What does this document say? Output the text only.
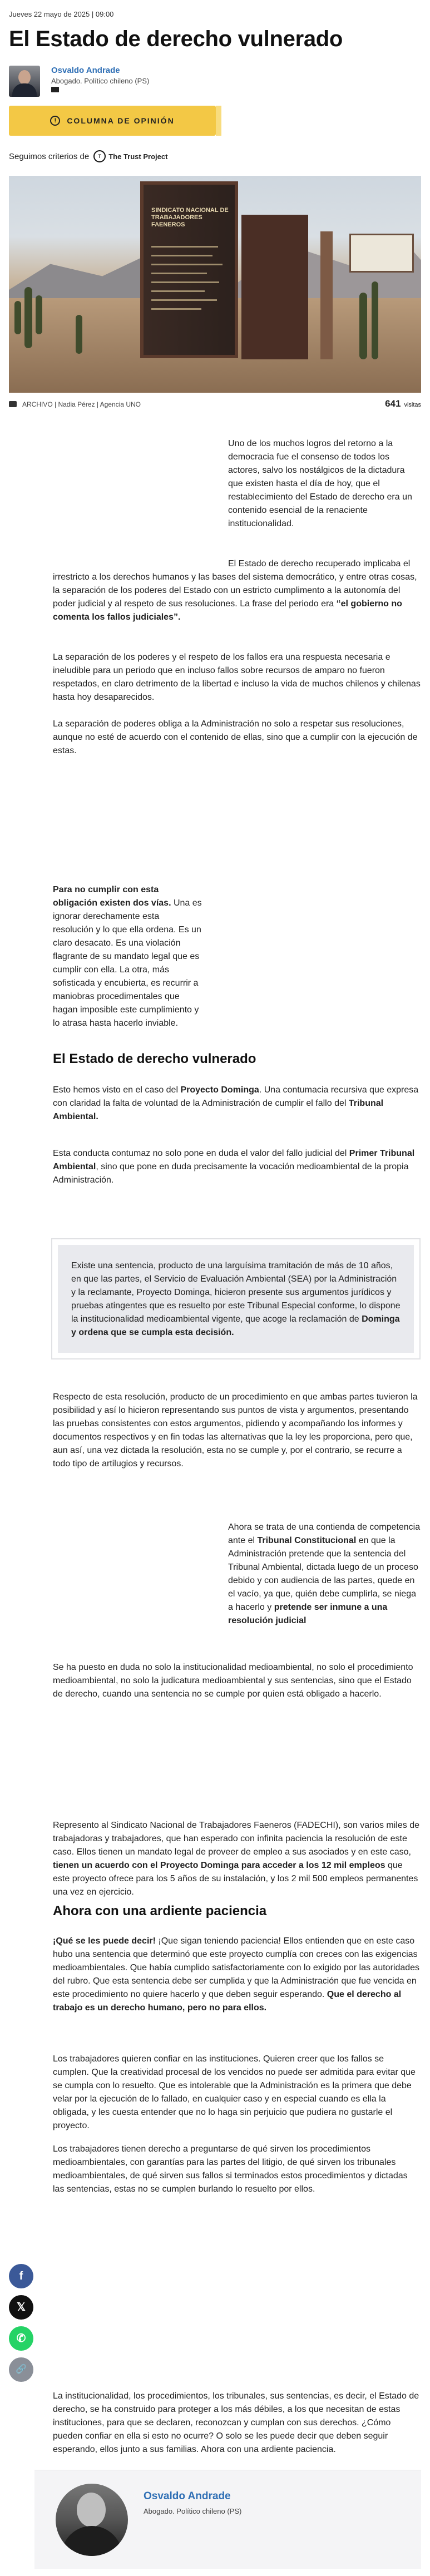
Jueves 22 mayo de 2025 | 09:00
El Estado de derecho vulnerado
Osvaldo Andrade
Abogado. Político chileno (PS)
!	COLUMNA DE OPINIÓN
Seguimos criterios de	T	The Trust Project
SINDICATO NACIONAL DE TRABAJADORES FAENEROS
ARCHIVO | Nadia Pérez | Agencia UNO	641 visitas

Uno de los muchos logros del retorno a la democracia fue el consenso de todos los actores, salvo los nostálgicos de la dictadura que existen hasta el día de hoy, que el restablecimiento del Estado de derecho era un contenido esencial de la renaciente institucionalidad.

El Estado de derecho recuperado implicaba el irrestricto a los derechos humanos y las bases del sistema democrático, y entre otras cosas, la separación de los poderes del Estado con un estricto cumplimento a la autonomía del poder judicial y al respeto de sus resoluciones. La frase del periodo era “el gobierno no comenta los fallos judiciales”.

La separación de los poderes y el respeto de los fallos era una respuesta necesaria e ineludible para un periodo que en incluso fallos sobre recursos de amparo no fueron respetados, en claro detrimento de la libertad e incluso la vida de muchos chilenos y chilenas hasta hoy desaparecidos.

La separación de poderes obliga a la Administración no solo a respetar sus resoluciones, aunque no esté de acuerdo con el contenido de ellas, sino que a cumplir con la ejecución de estas.

Para no cumplir con esta obligación existen dos vías. Una es ignorar derechamente esta resolución y lo que ella ordena. Es un claro desacato. Es una violación flagrante de su mandato legal que es cumplir con ella. La otra, más sofisticada y encubierta, es recurrir a maniobras procedimentales que hagan imposible este cumplimiento y lo atrasa hasta hacerlo inviable.

El Estado de derecho vulnerado

Esto hemos visto en el caso del Proyecto Dominga. Una contumacia recursiva que expresa con claridad la falta de voluntad de la Administración de cumplir el fallo del Tribunal Ambiental.

Esta conducta contumaz no solo pone en duda el valor del fallo judicial del Primer Tribunal Ambiental, sino que pone en duda precisamente la vocación medioambiental de la propia Administración.

Existe una sentencia, producto de una larguísima tramitación de más de 10 años, en que las partes, el Servicio de Evaluación Ambiental (SEA) por la Administración y la reclamante, Proyecto Dominga, hicieron presente sus argumentos jurídicos y pruebas atingentes que es resuelto por este Tribunal Especial conforme, lo dispone la institucionalidad medioambiental vigente, que acoge la reclamación de Dominga y ordena que se cumpla esta decisión.

Respecto de esta resolución, producto de un procedimiento en que ambas partes tuvieron la posibilidad y así lo hicieron representando sus puntos de vista y argumentos, presentando las pruebas consistentes con estos argumentos, pidiendo y acompañando los informes y documentos respectivos y en fin todas las alternativas que la ley les proporciona, pero que, aun así, una vez dictada la resolución, esta no se cumple y, por el contrario, se recurre a todo tipo de artilugios y recursos.

Ahora se trata de una contienda de competencia ante el Tribunal Constitucional en que la Administración pretende que la sentencia del Tribunal Ambiental, dictada luego de un proceso debido y con audiencia de las partes, quede en el vacío, ya que, quién debe cumplirla, se niega a hacerlo y pretende ser inmune a una resolución judicial

Se ha puesto en duda no solo la institucionalidad medioambiental, no solo el procedimiento medioambiental, no solo la judicatura medioambiental y sus sentencias, sino que el Estado de derecho, cuando una sentencia no se cumple por quien está obligado a hacerlo.

Represento al Sindicato Nacional de Trabajadores Faeneros (FADECHI), son varios miles de trabajadoras y trabajadores, que han esperado con infinita paciencia la resolución de este caso. Ellos tienen un mandato legal de proveer de empleo a sus asociados y en este caso, tienen un acuerdo con el Proyecto Dominga para acceder a los 12 mil empleos que este proyecto ofrece para los 5 años de su instalación, y los 2 mil 500 empleos permanentes una vez en ejercicio.

Ahora con una ardiente paciencia

¡Qué se les puede decir! ¡Que sigan teniendo paciencia! Ellos entienden que en este caso hubo una sentencia que determinó que este proyecto cumplía con creces con las exigencias medioambientales. Que había cumplido satisfactoriamente con lo exigido por las autoridades del rubro. Que esta sentencia debe ser cumplida y que la Administración que fue vencida en este procedimiento no quiere hacerlo y que deben seguir esperando. Que el derecho al trabajo es un derecho humano, pero no para ellos.

Los trabajadores quieren confiar en las instituciones. Quieren creer que los fallos se cumplen. Que la creatividad procesal de los vencidos no puede ser admitida para evitar que se cumpla con lo resuelto. Que es intolerable que la Administración es la primera que debe velar por la ejecución de lo fallado, en cualquier caso y en especial cuando es ella la obligada, y les cuesta entender que no lo haga sin perjuicio que pudiera no gustarle el proyecto.

Los trabajadores tienen derecho a preguntarse de qué sirven los procedimientos medioambientales, con garantías para las partes del litigio, de qué sirven los tribunales medioambientales, de qué sirven sus fallos si terminados estos procedimientos y dictadas las sentencias, estas no se cumplen burlando lo resuelto por ellos.

f
𝕏
✆
🔗

La institucionalidad, los procedimientos, los tribunales, sus sentencias, es decir, el Estado de derecho, se ha construido para proteger a los más débiles, a los que necesitan de estas instituciones, para que se declaren, reconozcan y cumplan con sus derechos. ¿Cómo pueden confiar en ella si esto no ocurre? O solo se les puede decir que deben seguir esperando, ellos junto a sus familias. Ahora con una ardiente paciencia.

Osvaldo Andrade
Abogado. Político chileno (PS)
